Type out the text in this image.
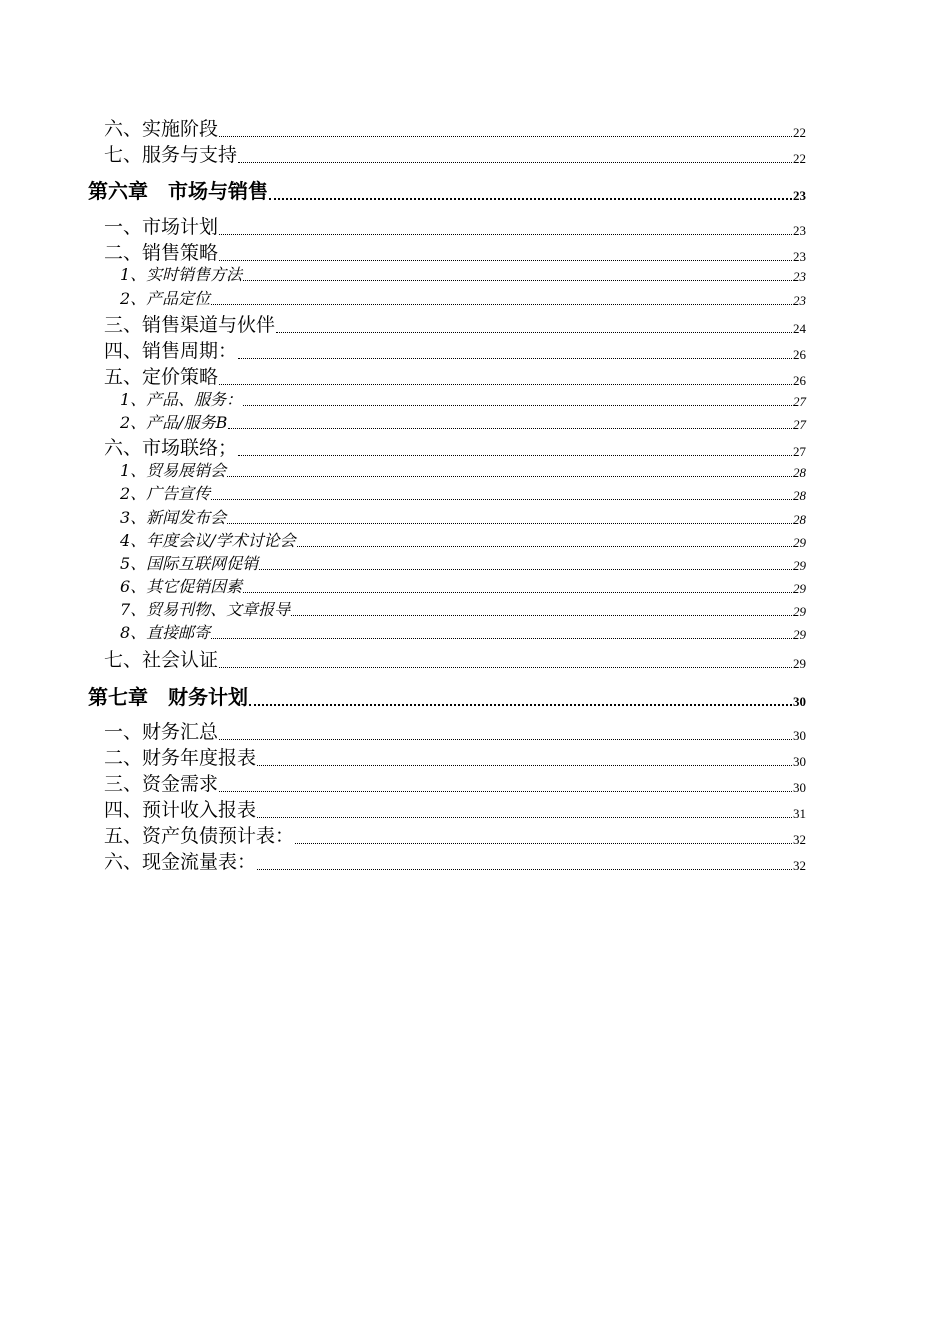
六、实施阶段	22
七、服务与支持	22
第六章　市场与销售	23
一、市场计划	23
二、销售策略	23
1、实时销售方法	23
2、产品定位	23
三、销售渠道与伙伴	24
四、销售周期：	26
五、定价策略	26
1、产品、服务：	27
2、产品/服务B	27
六、市场联络；	27
1、贸易展销会	28
2、广告宣传	28
3、新闻发布会	28
4、年度会议/学术讨论会	29
5、国际互联网促销	29
6、其它促销因素	29
7、贸易刊物、文章报导	29
8、直接邮寄	29
七、社会认证	29
第七章　财务计划	30
一、财务汇总	30
二、财务年度报表	30
三、资金需求	30
四、预计收入报表	31
五、资产负债预计表：	32
六、现金流量表：	32
